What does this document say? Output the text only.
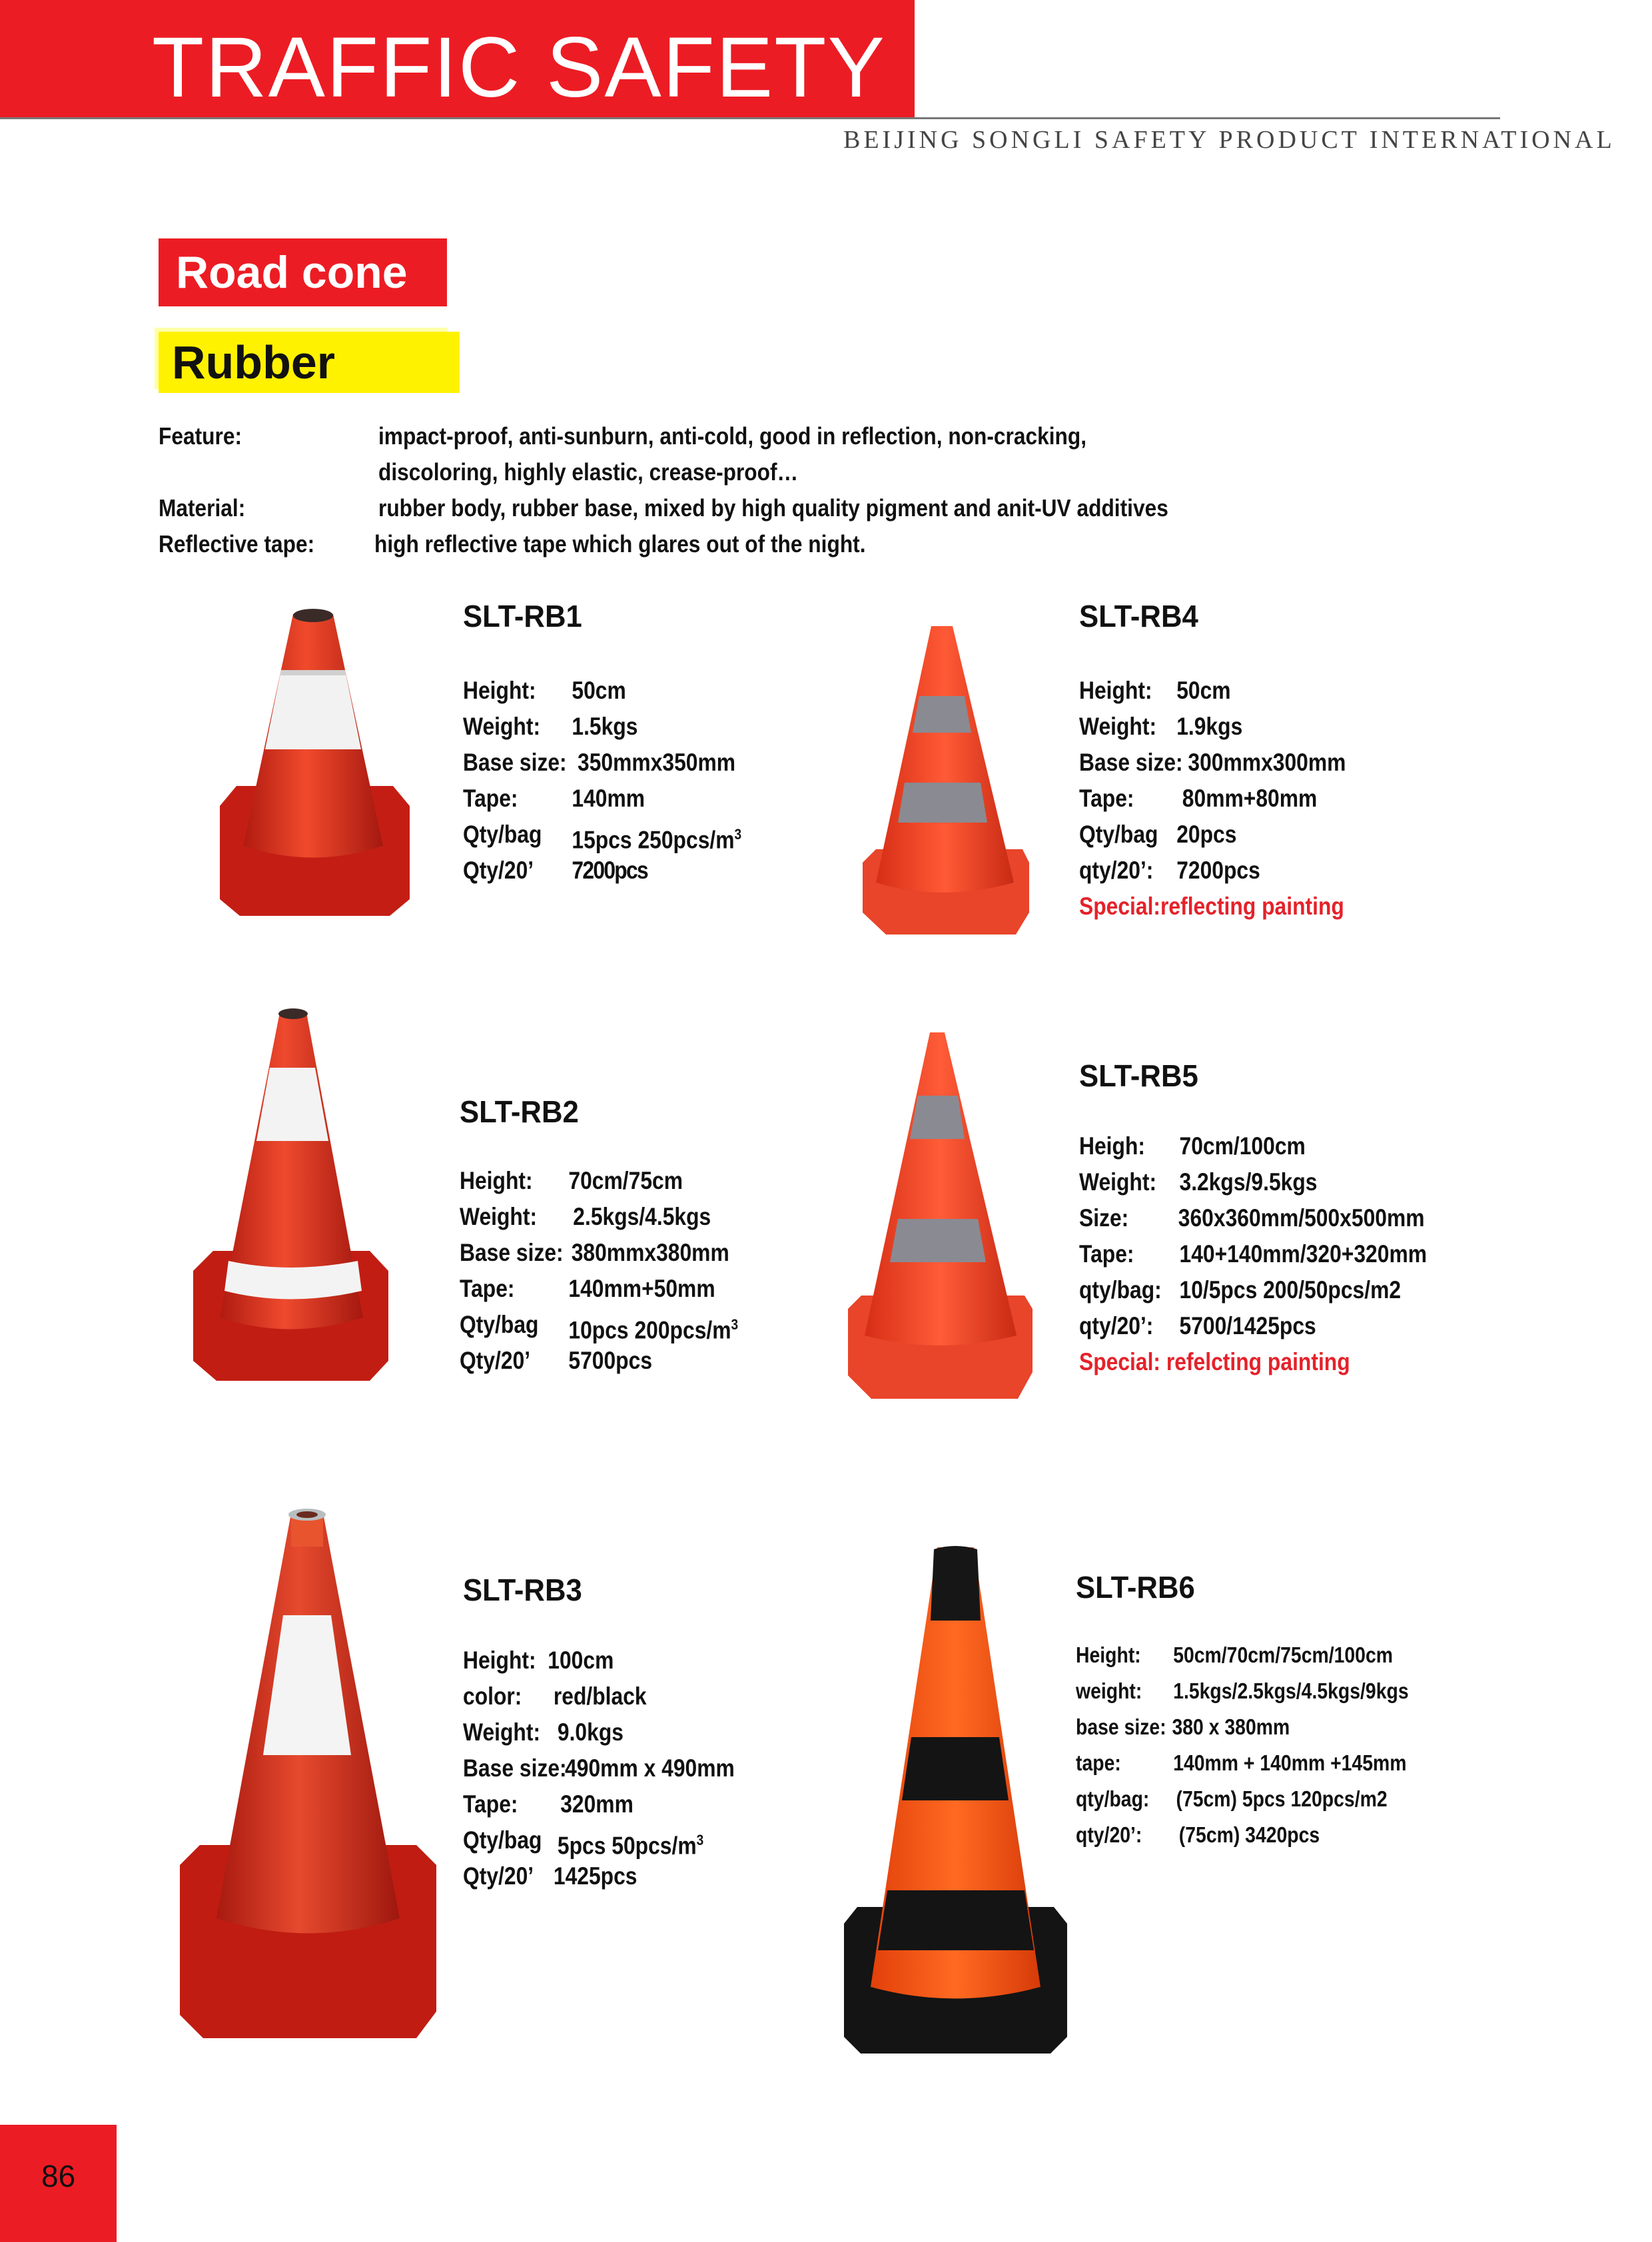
TRAFFIC SAFETY
BEIJING SONGLI SAFETY PRODUCT INTERNATIONAL
Road cone
Rubber
Feature:	impact-proof, anti-sunburn, anti-cold, good in reflection, non-cracking,
discoloring, highly elastic, crease-proof…
Material:	rubber body, rubber base, mixed by high quality pigment and anit-UV additives
Reflective tape: high reflective tape which glares out of the night.
SLT-RB1
Height: 50cm
Weight: 1.5kgs
Base size: 350mmx350mm
Tape: 140mm
Qty/bag 15pcs $250pcs/m^3$
Qty/20’ 7200pcs
SLT-RB4
Height: 50cm
Weight: 1.9kgs
Base size: 300mmx300mm
Tape: 80mm+80mm
Qty/bag 20pcs
qty/20’: 7200pcs
Special:reflecting painting
SLT-RB2
Height: 70cm/75cm
Weight: 2.5kgs/4.5kgs
Base size: 380mmx380mm
Tape: 140mm+50mm
Qty/bag 10pcs $200pcs/m^3$
Qty/20’ 5700pcs
SLT-RB5
Heigh: 70cm/100cm
Weight: 3.2kgs/9.5kgs
Size: 360x360mm/500x500mm
Tape: 140+140mm/320+320mm
qty/bag: 10/5pcs 200/50pcs/m2
qty/20’: 5700/1425pcs
Special: refelcting painting
SLT-RB3
Height: 100cm
color: red/black
Weight: 9.0kgs
Base size:
490mm x 490mm
Tape: 320mm
Qty/bag 5pcs $50pcs/m^3$
Qty/20’ 1425pcs
SLT-RB6
Height: 50cm/70cm/75cm/100cm
weight: 1.5kgs/2.5kgs/4.5kgs/9kgs
base size: 380 x 380mm
tape: 140mm + 140mm +145mm
qty/bag: (75cm) 5pcs 120pcs/m2
qty/20’: (75cm) 3420pcs
86
